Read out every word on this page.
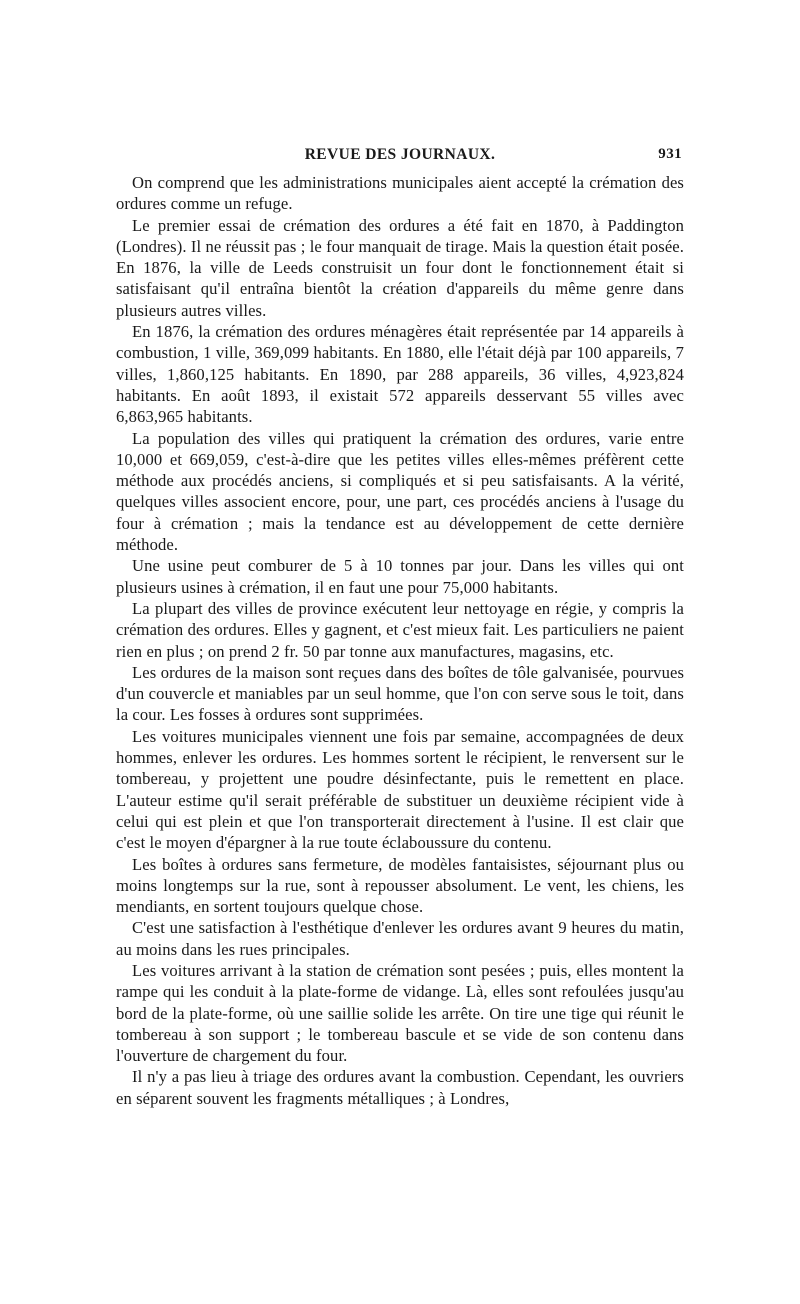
REVUE DES JOURNAUX.	931

On comprend que les administrations municipales aient accepté la crémation des ordures comme un refuge.

Le premier essai de crémation des ordures a été fait en 1870, à Paddington (Londres). Il ne réussit pas ; le four manquait de tirage. Mais la question était posée. En 1876, la ville de Leeds construisit un four dont le fonctionnement était si satisfaisant qu'il entraîna bientôt la création d'appareils du même genre dans plusieurs autres villes.

En 1876, la crémation des ordures ménagères était représentée par 14 appareils à combustion, 1 ville, 369,099 habitants. En 1880, elle l'était déjà par 100 appareils, 7 villes, 1,860,125 habitants. En 1890, par 288 appareils, 36 villes, 4,923,824 habitants. En août 1893, il existait 572 appareils desservant 55 villes avec 6,863,965 habitants.

La population des villes qui pratiquent la crémation des ordures, varie entre 10,000 et 669,059, c'est-à-dire que les petites villes elles-mêmes préfèrent cette méthode aux procédés anciens, si compliqués et si peu satisfaisants. A la vérité, quelques villes associent encore, pour, une part, ces procédés anciens à l'usage du four à crémation ; mais la tendance est au développement de cette dernière méthode.

Une usine peut comburer de 5 à 10 tonnes par jour. Dans les villes qui ont plusieurs usines à crémation, il en faut une pour 75,000 habitants.

La plupart des villes de province exécutent leur nettoyage en régie, y compris la crémation des ordures. Elles y gagnent, et c'est mieux fait. Les particuliers ne paient rien en plus ; on prend 2 fr. 50 par tonne aux manufactures, magasins, etc.

Les ordures de la maison sont reçues dans des boîtes de tôle galvanisée, pourvues d'un couvercle et maniables par un seul homme, que l'on con serve sous le toit, dans la cour. Les fosses à ordures sont supprimées.

Les voitures municipales viennent une fois par semaine, accompagnées de deux hommes, enlever les ordures. Les hommes sortent le récipient, le renversent sur le tombereau, y projettent une poudre désinfectante, puis le remettent en place. L'auteur estime qu'il serait préférable de substituer un deuxième récipient vide à celui qui est plein et que l'on transporterait directement à l'usine. Il est clair que c'est le moyen d'épargner à la rue toute éclaboussure du contenu.

Les boîtes à ordures sans fermeture, de modèles fantaisistes, séjournant plus ou moins longtemps sur la rue, sont à repousser absolument. Le vent, les chiens, les mendiants, en sortent toujours quelque chose.

C'est une satisfaction à l'esthétique d'enlever les ordures avant 9 heures du matin, au moins dans les rues principales.

Les voitures arrivant à la station de crémation sont pesées ; puis, elles montent la rampe qui les conduit à la plate-forme de vidange. Là, elles sont refoulées jusqu'au bord de la plate-forme, où une saillie solide les arrête. On tire une tige qui réunit le tombereau à son support ; le tombereau bascule et se vide de son contenu dans l'ouverture de chargement du four.

Il n'y a pas lieu à triage des ordures avant la combustion. Cependant, les ouvriers en séparent souvent les fragments métalliques ; à Londres,
